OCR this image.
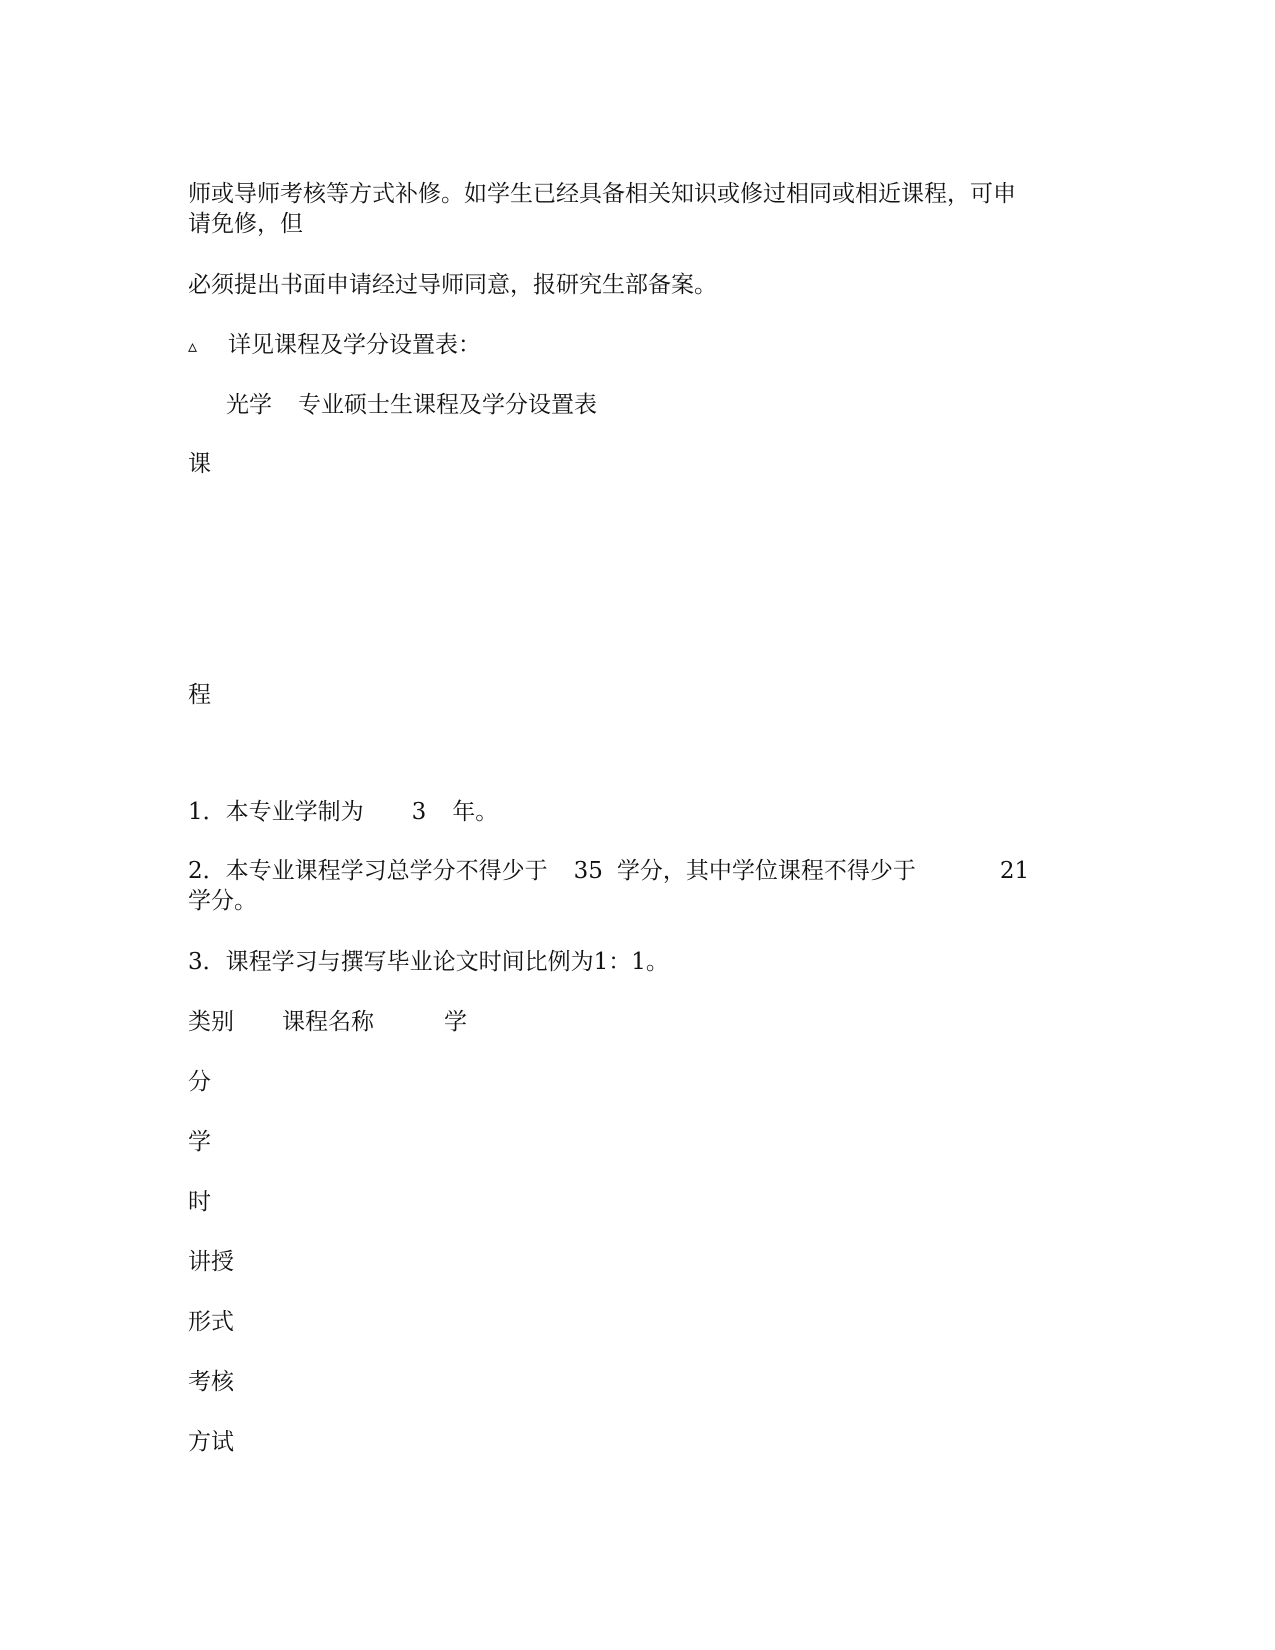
师或导师考核等方式补修。如学生已经具备相关知识或修过相同或相近课程，可申
请免修，但
必须提出书面申请经过导师同意，报研究生部备案。
▵ 详见课程及学分设置表：
光学 专业硕士生课程及学分设置表
课
程
1．本专业学制为 3 年。
2．本专业课程学习总学分不得少于 35 学分，其中学位课程不得少于	21
学分。
3．课程学习与撰写毕业论文时间比例为1：1。
类别 课程名称	学
分
学
时
讲授
形式
考核
方试
